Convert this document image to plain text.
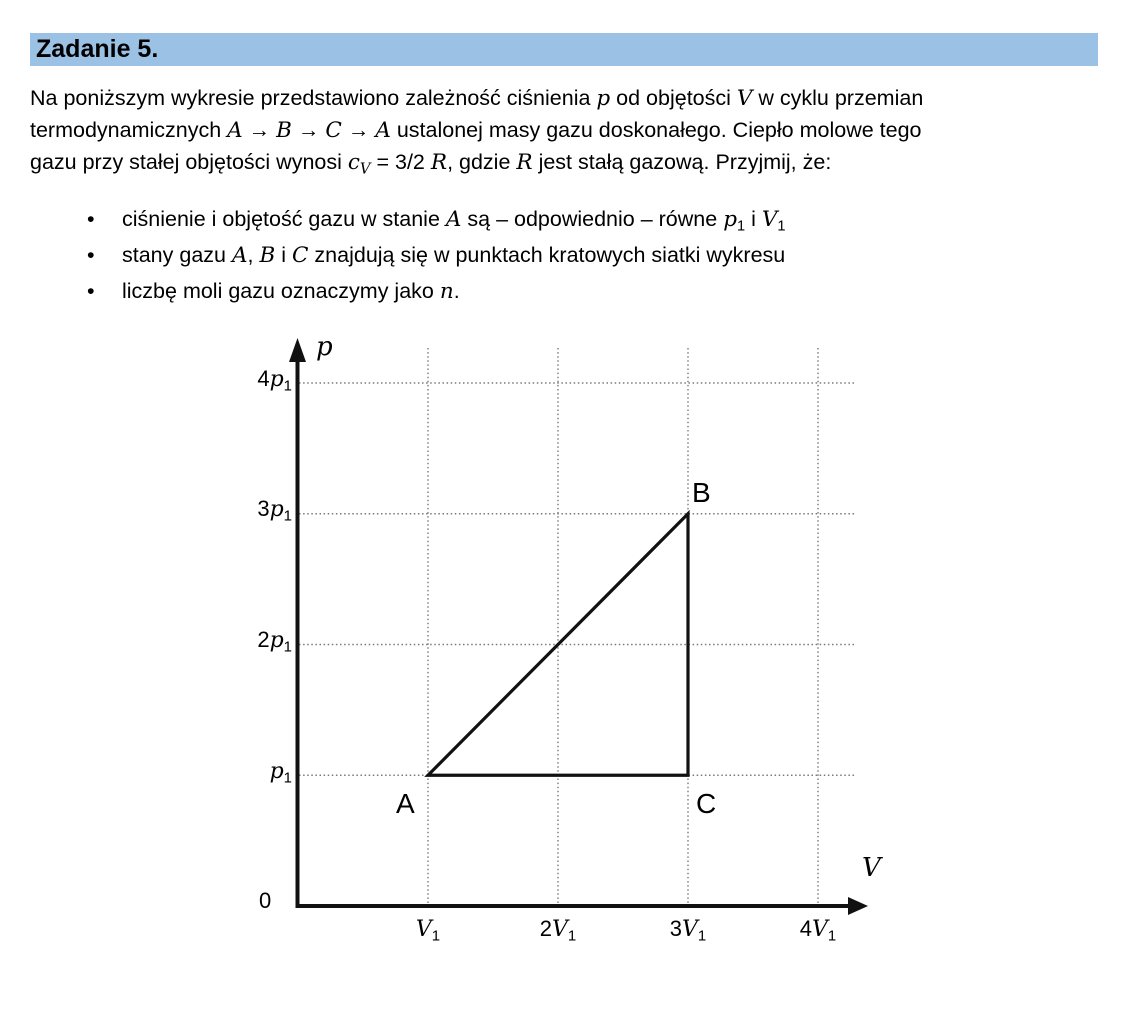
Zadanie 5.
Na poniższym wykresie przedstawiono zależność ciśnienia p od objętości V w cyklu przemian
termodynamicznych A → B → C → A ustalonej masy gazu doskonałego. Ciepło molowe tego
gazu przy stałej objętości wynosi $c_V = 3/2$ R, gdzie R jest stałą gazową. Przyjmij, że:
• ciśnienie i objętość gazu w stanie A są – odpowiednio – równe $p_1$ i $V_1$
• stany gazu A, B i C znajdują się w punktach kratowych siatki wykresu
• liczbę moli gazu oznaczymy jako n.
p
V
0
$4p_1$
$3p_1$
$2p_1$
$p_1$
$V_1$	$2V_1$	$3V_1$	$4V_1$
A
B
C
